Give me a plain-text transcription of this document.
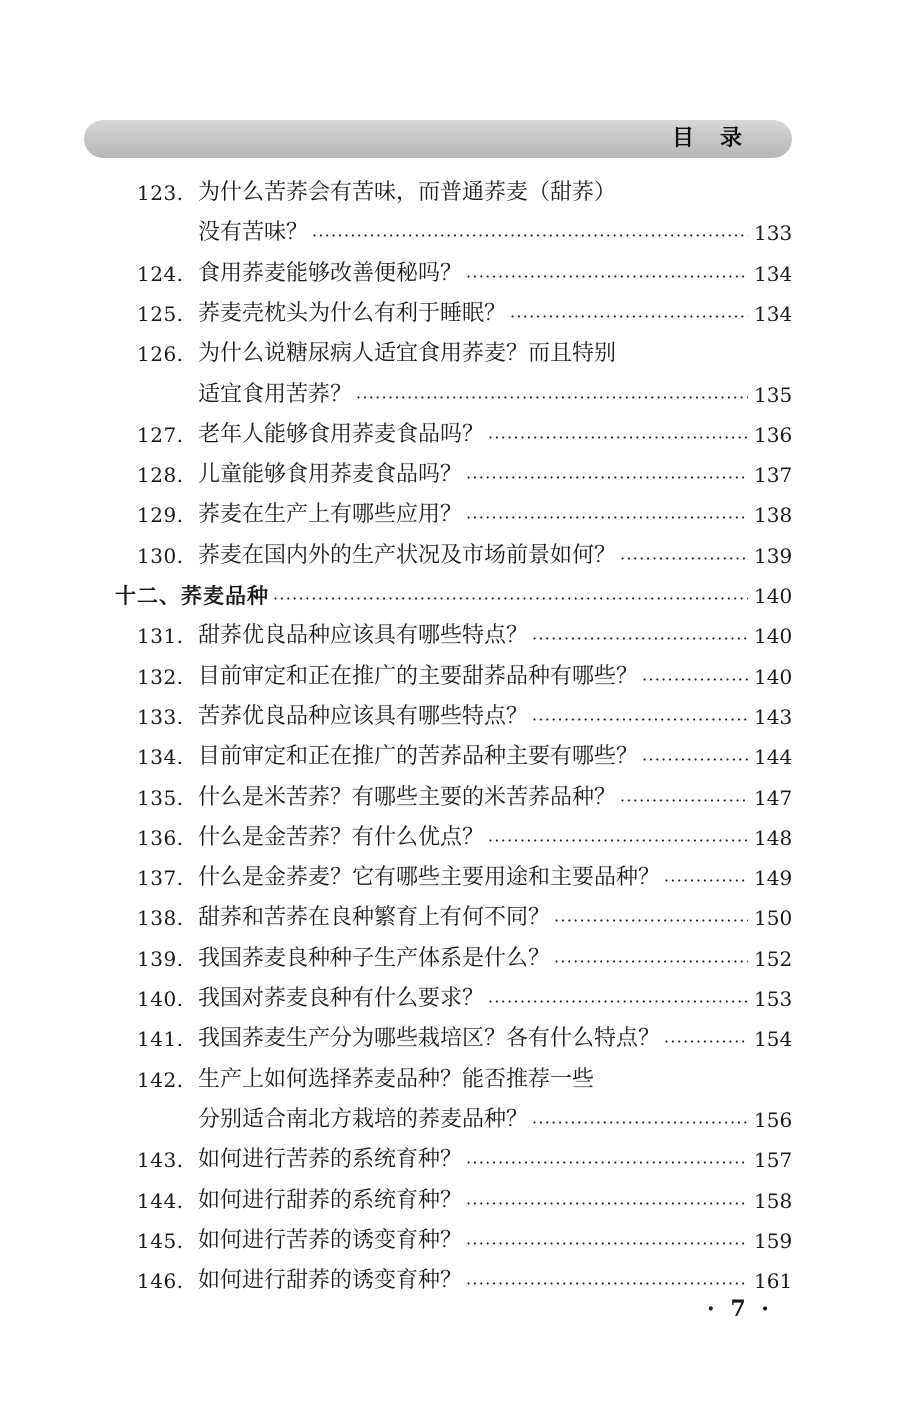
目录
123. 为什么苦荞会有苦味，而普通荞麦（甜荞）
没有苦味？ ·····	133
124. 食用荞麦能够改善便秘吗？ ·····	134
125. 荞麦壳枕头为什么有利于睡眠？ ·····	134
126. 为什么说糖尿病人适宜食用荞麦？而且特别
适宜食用苦荞？ ·····	135
127. 老年人能够食用荞麦食品吗？ ·····	136
128. 儿童能够食用荞麦食品吗？ ·····	137
129. 荞麦在生产上有哪些应用？ ·····	138
130. 荞麦在国内外的生产状况及市场前景如何？ ·····	139
十二、荞麦品种 ·····	140
131. 甜荞优良品种应该具有哪些特点？ ·····	140
132. 目前审定和正在推广的主要甜荞品种有哪些？ ·····	140
133. 苦荞优良品种应该具有哪些特点？ ·····	143
134. 目前审定和正在推广的苦荞品种主要有哪些？ ·····	144
135. 什么是米苦荞？有哪些主要的米苦荞品种？ ·····	147
136. 什么是金苦荞？有什么优点？ ·····	148
137. 什么是金荞麦？它有哪些主要用途和主要品种？ ·····	149
138. 甜荞和苦荞在良种繁育上有何不同？ ·····	150
139. 我国荞麦良种种子生产体系是什么？ ·····	152
140. 我国对荞麦良种有什么要求？ ·····	153
141. 我国荞麦生产分为哪些栽培区？各有什么特点？ ·····	154
142. 生产上如何选择荞麦品种？能否推荐一些
分别适合南北方栽培的荞麦品种？ ·····	156
143. 如何进行苦荞的系统育种？ ·····	157
144. 如何进行甜荞的系统育种？ ·····	158
145. 如何进行苦荞的诱变育种？ ·····	159
146. 如何进行甜荞的诱变育种？ ·····	161
· 7 ·
